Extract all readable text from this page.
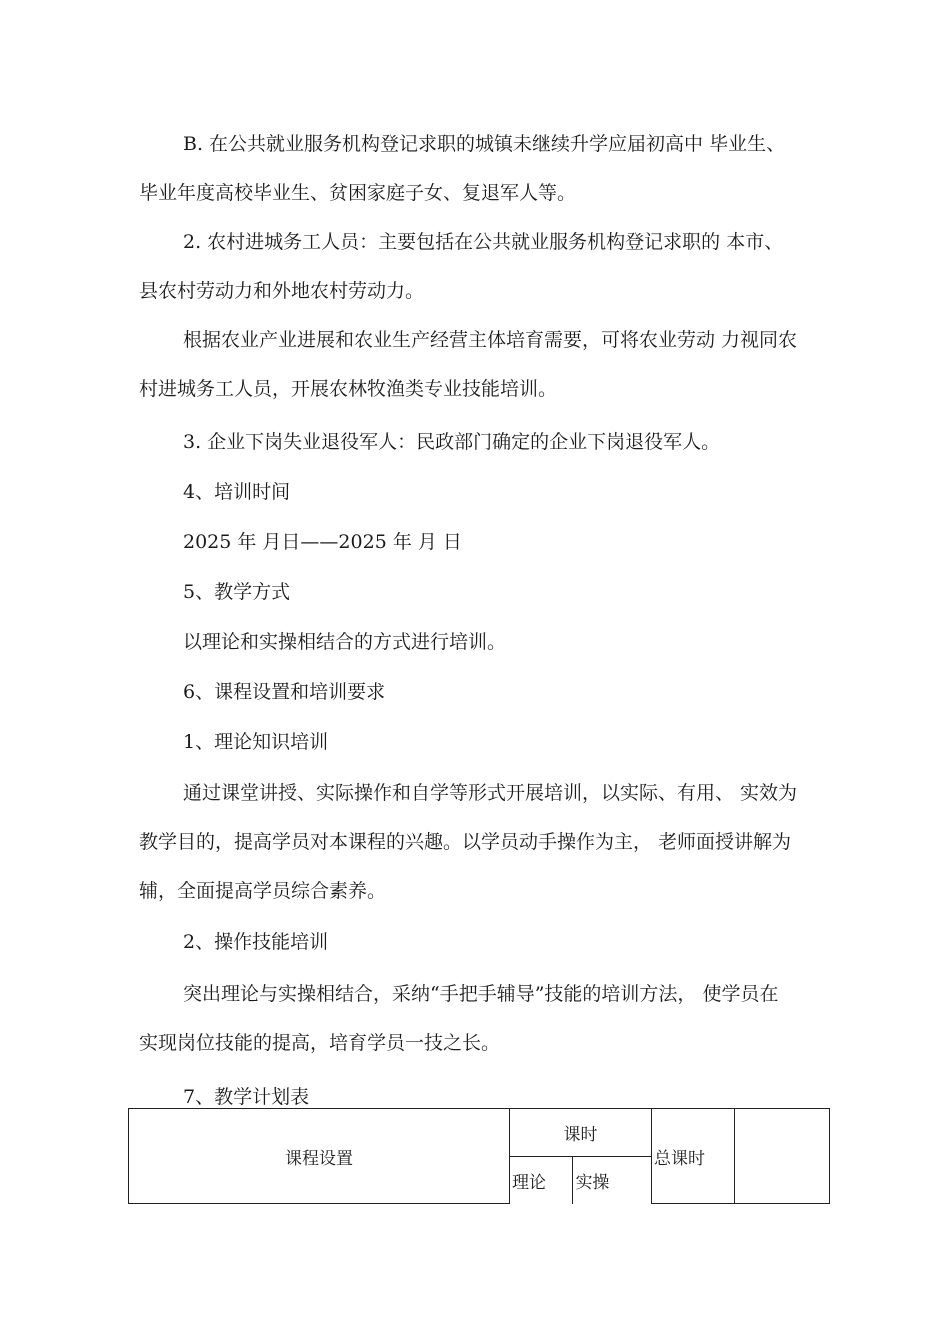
B. 在公共就业服务机构登记求职的城镇未继续升学应届初高中 毕业生、
毕业年度高校毕业生、贫困家庭子女、复退军人等。
2. 农村进城务工人员：主要包括在公共就业服务机构登记求职的 本市、
县农村劳动力和外地农村劳动力。
根据农业产业进展和农业生产经营主体培育需要，可将农业劳动 力视同农
村进城务工人员，开展农林牧渔类专业技能培训。
3. 企业下岗失业退役军人：民政部门确定的企业下岗退役军人。
4、培训时间
2025 年 月日——2025 年 月 日
5、教学方式
以理论和实操相结合的方式进行培训。
6、课程设置和培训要求
1、理论知识培训
通过课堂讲授、实际操作和自学等形式开展培训，以实际、有用、 实效为
教学目的，提高学员对本课程的兴趣。以学员动手操作为主， 老师面授讲解为
辅，全面提高学员综合素养。
2、操作技能培训
突出理论与实操相结合，采纳“手把手辅导”技能的培训方法， 使学员在
实现岗位技能的提高，培育学员一技之长。
7、教学计划表
课程设置	课时		总课时	
	理论	实操		
